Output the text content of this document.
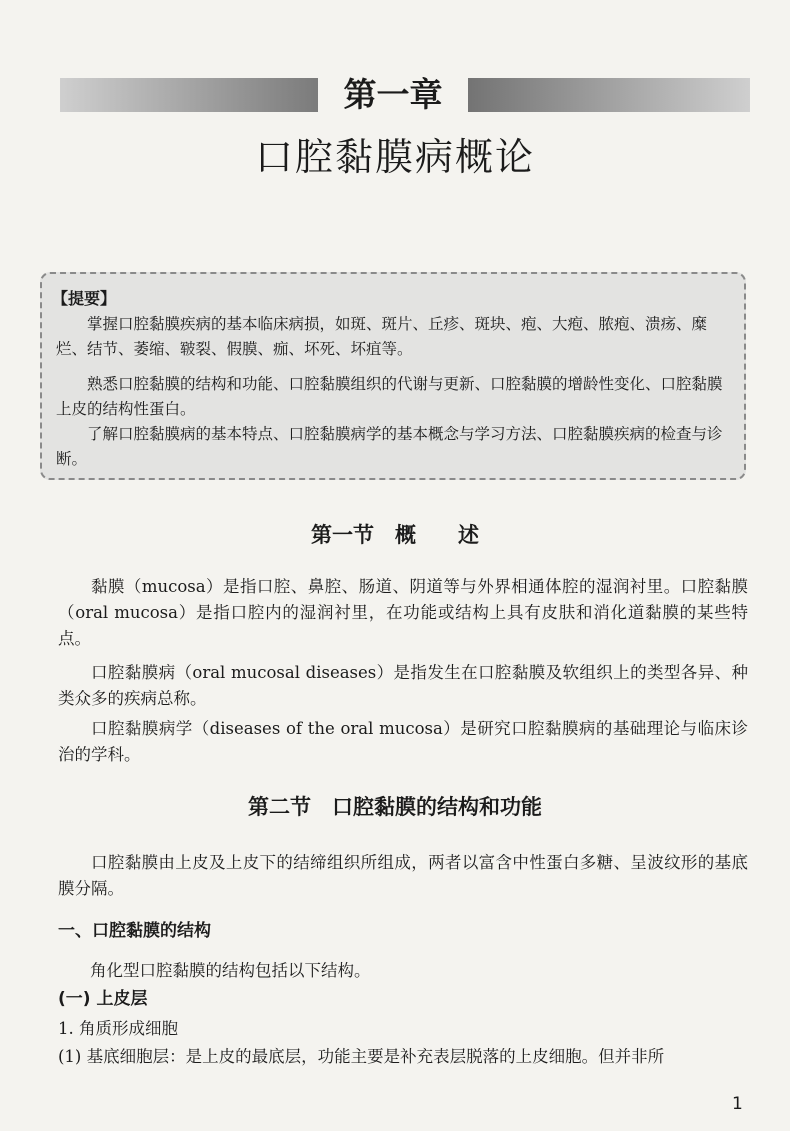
第一章
口腔黏膜病概论
【提要】

掌握口腔黏膜疾病的基本临床病损，如斑、斑片、丘疹、斑块、疱、大疱、脓疱、溃疡、糜烂、结节、萎缩、皲裂、假膜、痂、坏死、坏疽等。

熟悉口腔黏膜的结构和功能、口腔黏膜组织的代谢与更新、口腔黏膜的增龄性变化、口腔黏膜上皮的结构性蛋白。

了解口腔黏膜病的基本特点、口腔黏膜病学的基本概念与学习方法、口腔黏膜疾病的检查与诊断。

第一节　概　　述

黏膜（mucosa）是指口腔、鼻腔、肠道、阴道等与外界相通体腔的湿润衬里。口腔黏膜（oral mucosa）是指口腔内的湿润衬里，在功能或结构上具有皮肤和消化道黏膜的某些特点。

口腔黏膜病（oral mucosal diseases）是指发生在口腔黏膜及软组织上的类型各异、种类众多的疾病总称。

口腔黏膜病学（diseases of the oral mucosa）是研究口腔黏膜病的基础理论与临床诊治的学科。

第二节　口腔黏膜的结构和功能

口腔黏膜由上皮及上皮下的结缔组织所组成，两者以富含中性蛋白多糖、呈波纹形的基底膜分隔。

一、口腔黏膜的结构
角化型口腔黏膜的结构包括以下结构。
(一) 上皮层
1. 角质形成细胞
(1) 基底细胞层：是上皮的最底层，功能主要是补充表层脱落的上皮细胞。但并非所
1
